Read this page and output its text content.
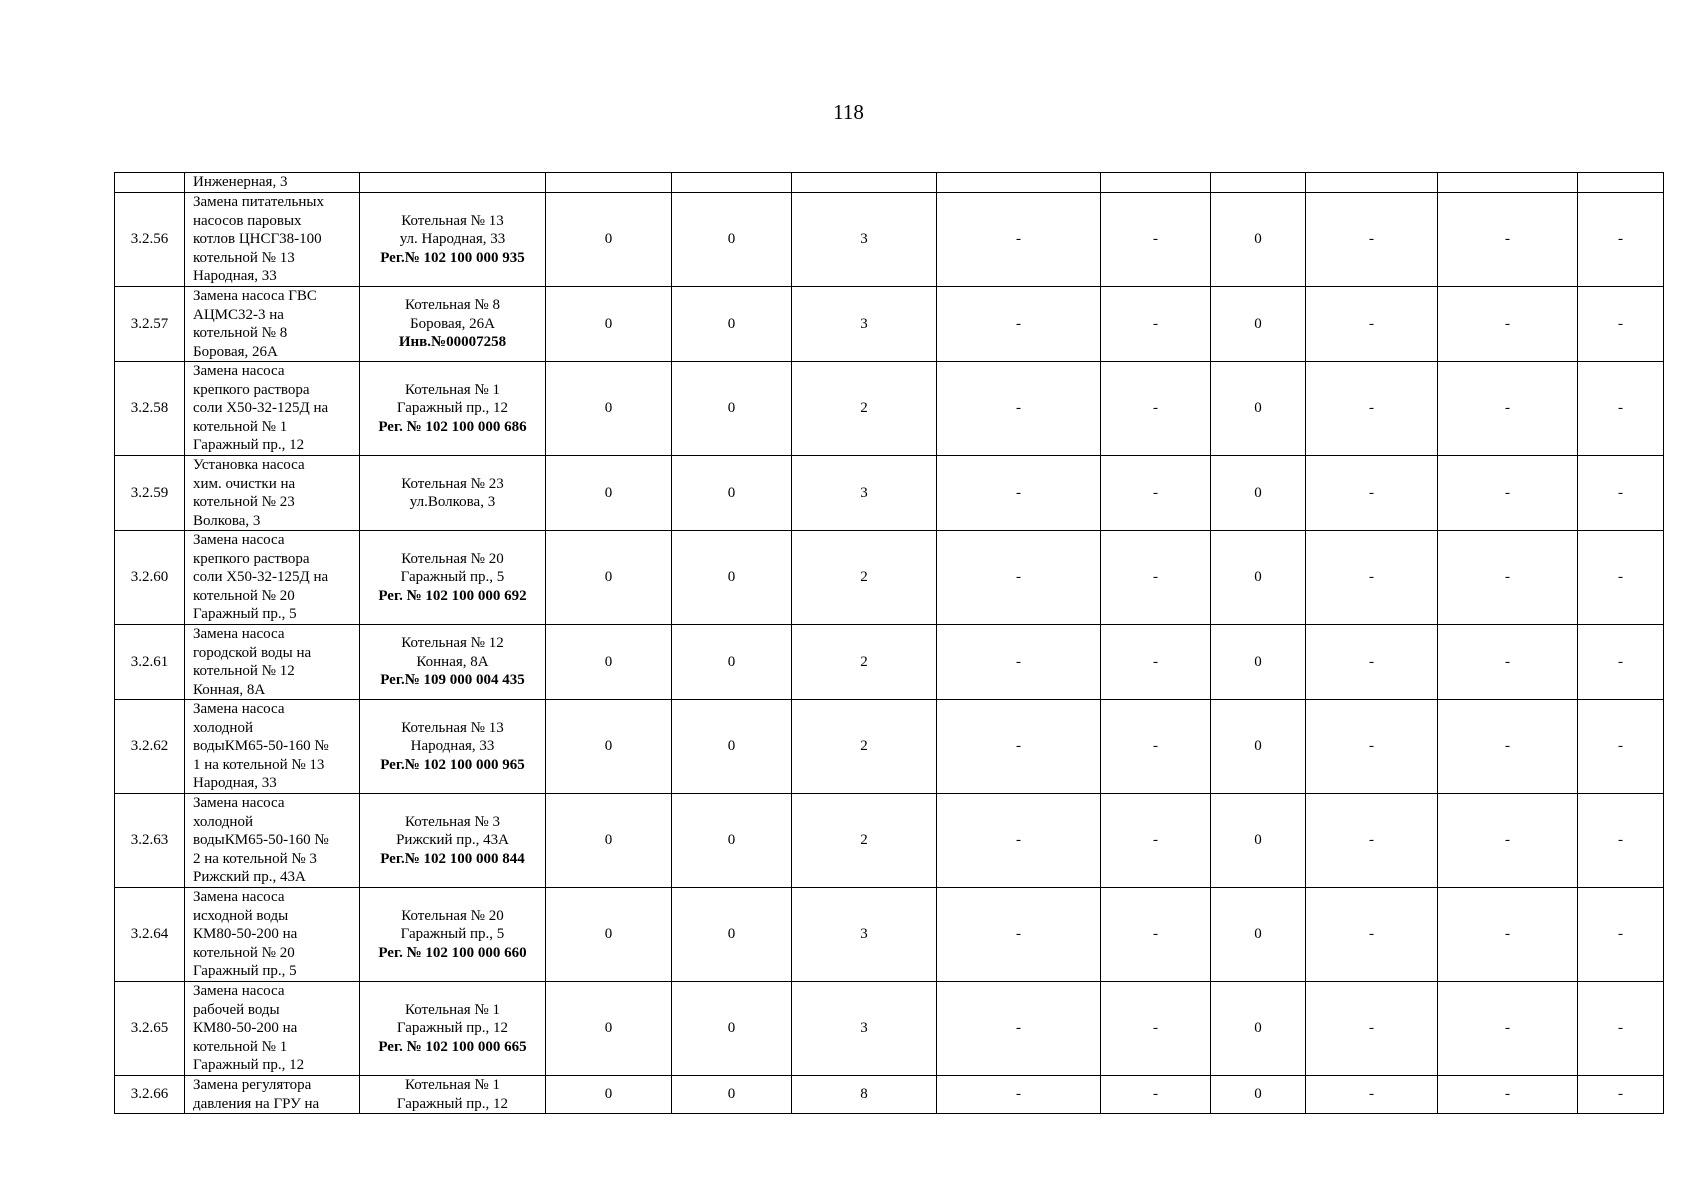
118
	Инженерная, 3										
3.2.56	Замена питательных
насосов паровых
котлов ЦНСГ38-100
котельной № 13
Народная, 33	Котельная № 13
ул. Народная, 33
Рег.№ 102 100 000 935	0	0	3	-	-	0	-	-	-
3.2.57	Замена насоса ГВС
АЦМС32-3 на
котельной № 8
Боровая, 26А	Котельная № 8
Боровая, 26А
Инв.№00007258	0	0	3	-	-	0	-	-	-
3.2.58	Замена насоса
крепкого раствора
соли Х50-32-125Д на
котельной № 1
Гаражный пр., 12	Котельная № 1
Гаражный пр., 12
Рег. № 102 100 000 686	0	0	2	-	-	0	-	-	-
3.2.59	Установка насоса
хим. очистки на
котельной № 23
Волкова, 3	Котельная № 23
ул.Волкова, 3	0	0	3	-	-	0	-	-	-
3.2.60	Замена насоса
крепкого раствора
соли Х50-32-125Д на
котельной № 20
Гаражный пр., 5	Котельная № 20
Гаражный пр., 5
Рег. № 102 100 000 692	0	0	2	-	-	0	-	-	-
3.2.61	Замена насоса
городской воды на
котельной № 12
Конная, 8А	Котельная № 12
Конная, 8А
Рег.№ 109 000 004 435	0	0	2	-	-	0	-	-	-
3.2.62	Замена насоса
холодной
водыКМ65-50-160 №
1 на котельной № 13
Народная, 33	Котельная № 13
Народная, 33
Рег.№ 102 100 000 965	0	0	2	-	-	0	-	-	-
3.2.63	Замена насоса
холодной
водыКМ65-50-160 №
2 на котельной № 3
Рижский пр., 43А	Котельная № 3
Рижский пр., 43А
Рег.№ 102 100 000 844	0	0	2	-	-	0	-	-	-
3.2.64	Замена насоса
исходной воды
КМ80-50-200 на
котельной № 20
Гаражный пр., 5	Котельная № 20
Гаражный пр., 5
Рег. № 102 100 000 660	0	0	3	-	-	0	-	-	-
3.2.65	Замена насоса
рабочей воды
КМ80-50-200 на
котельной № 1
Гаражный пр., 12	Котельная № 1
Гаражный пр., 12
Рег. № 102 100 000 665	0	0	3	-	-	0	-	-	-
3.2.66	Замена регулятора
давления на ГРУ на	Котельная № 1
Гаражный пр., 12	0	0	8	-	-	0	-	-	-
